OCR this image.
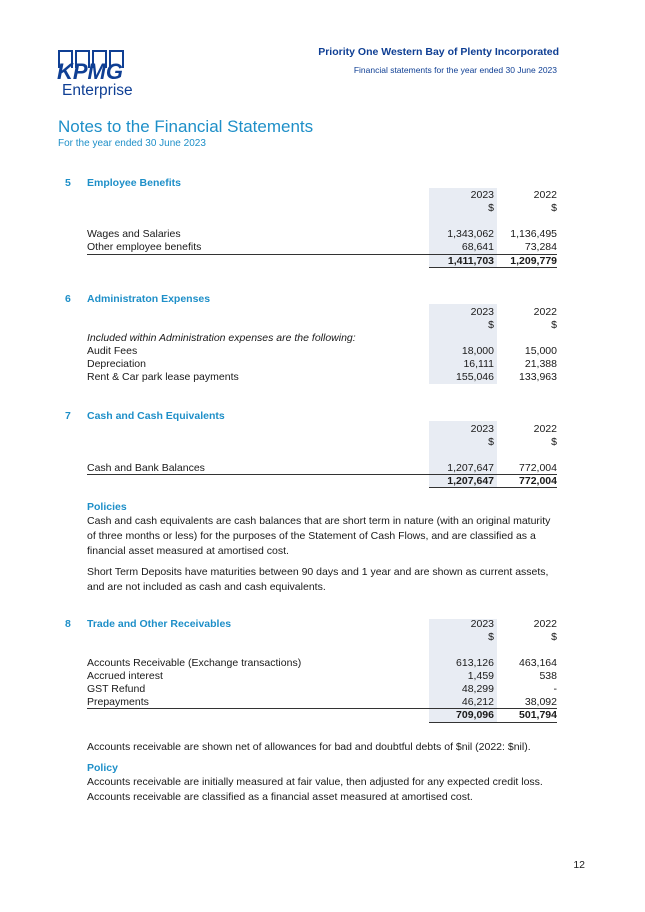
KPMG
Enterprise
Priority One Western Bay of Plenty Incorporated
Financial statements for the year ended 30 June 2023
Notes to the Financial Statements
For the year ended 30 June 2023
5 Employee Benefits
2023	2022
$	$
Wages and Salaries	1,343,062	1,136,495
Other employee benefits	68,641	73,284
1,411,703	1,209,779
6 Administraton Expenses
2023	2022
$	$
Included within Administration expenses are the following:
Audit Fees	18,000	15,000
Depreciation	16,111	21,388
Rent & Car park lease payments	155,046	133,963
7 Cash and Cash Equivalents
2023	2022
$	$
Cash and Bank Balances	1,207,647	772,004
1,207,647	772,004
Policies
Cash and cash equivalents are cash balances that are short term in nature (with an original maturity of three months or less) for the purposes of the Statement of Cash Flows, and are classified as a financial asset measured at amortised cost.
Short Term Deposits have maturities between 90 days and 1 year and are shown as current assets, and are not included as cash and cash equivalents.
8 Trade and Other Receivables	2023	2022
$	$
Accounts Receivable (Exchange transactions)	613,126	463,164
Accrued interest	1,459	538
GST Refund	48,299	-
Prepayments	46,212	38,092
709,096	501,794
Accounts receivable are shown net of allowances for bad and doubtful debts of $nil (2022: $nil).
Policy
Accounts receivable are initially measured at fair value, then adjusted for any expected credit loss. Accounts receivable are classified as a financial asset measured at amortised cost.
12
